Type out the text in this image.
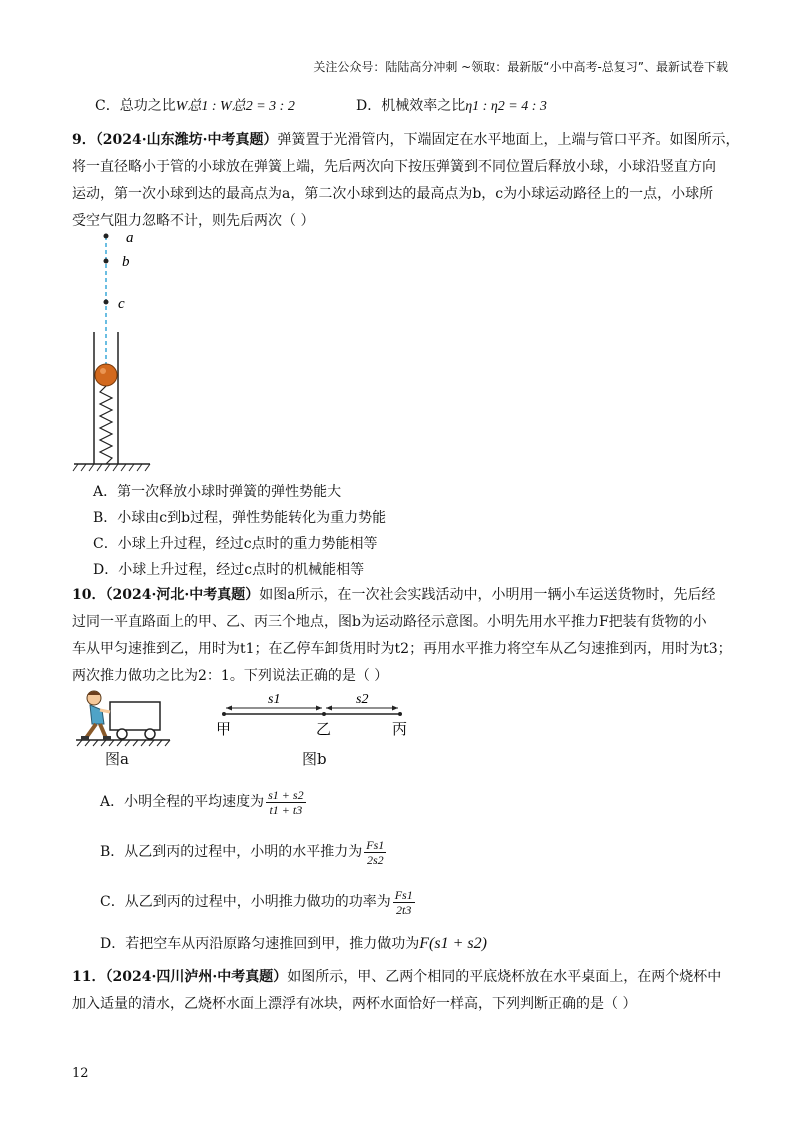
关注公众号：陆陆高分冲刺 ~领取：最新版“小中高考-总复习”、最新试卷下载
C．总功之比W总1 : W总2 = 3 : 2	D．机械效率之比η1 : η2 = 4 : 3
9．（2024·山东潍坊·中考真题）弹簧置于光滑管内，下端固定在水平地面上，上端与管口平齐。如图所示，
将一直径略小于管的小球放在弹簧上端，先后两次向下按压弹簧到不同位置后释放小球，小球沿竖直方向
运动，第一次小球到达的最高点为a，第二次小球到达的最高点为b，c为小球运动路径上的一点，小球所
受空气阻力忽略不计，则先后两次（ ）
a
b
c
A．第一次释放小球时弹簧的弹性势能大
B．小球由c到b过程，弹性势能转化为重力势能
C．小球上升过程，经过c点时的重力势能相等
D．小球上升过程，经过c点时的机械能相等
10．（2024·河北·中考真题）如图a所示，在一次社会实践活动中，小明用一辆小车运送货物时，先后经
过同一平直路面上的甲、乙、丙三个地点，图b为运动路径示意图。小明先用水平推力F把装有货物的小
车从甲匀速推到乙，用时为t1；在乙停车卸货用时为t2；再用水平推力将空车从乙匀速推到丙，用时为t3；
两次推力做功之比为2：1。下列说法正确的是（ ）
图a
s1	s2
甲	乙	丙
图b
A．小明全程的平均速度为 $\frac{s1 + s2}{t1 + t3}$
B．从乙到丙的过程中，小明的水平推力为 $\frac{Fs1}{2s2}$
C．从乙到丙的过程中，小明推力做功的功率为 $\frac{Fs1}{2t3}$
D．若把空车从丙沿原路匀速推回到甲，推力做功为F(s1 + s2)
11．（2024·四川泸州·中考真题）如图所示，甲、乙两个相同的平底烧杯放在水平桌面上，在两个烧杯中
加入适量的清水，乙烧杯水面上漂浮有冰块，两杯水面恰好一样高，下列判断正确的是（ ）
12
